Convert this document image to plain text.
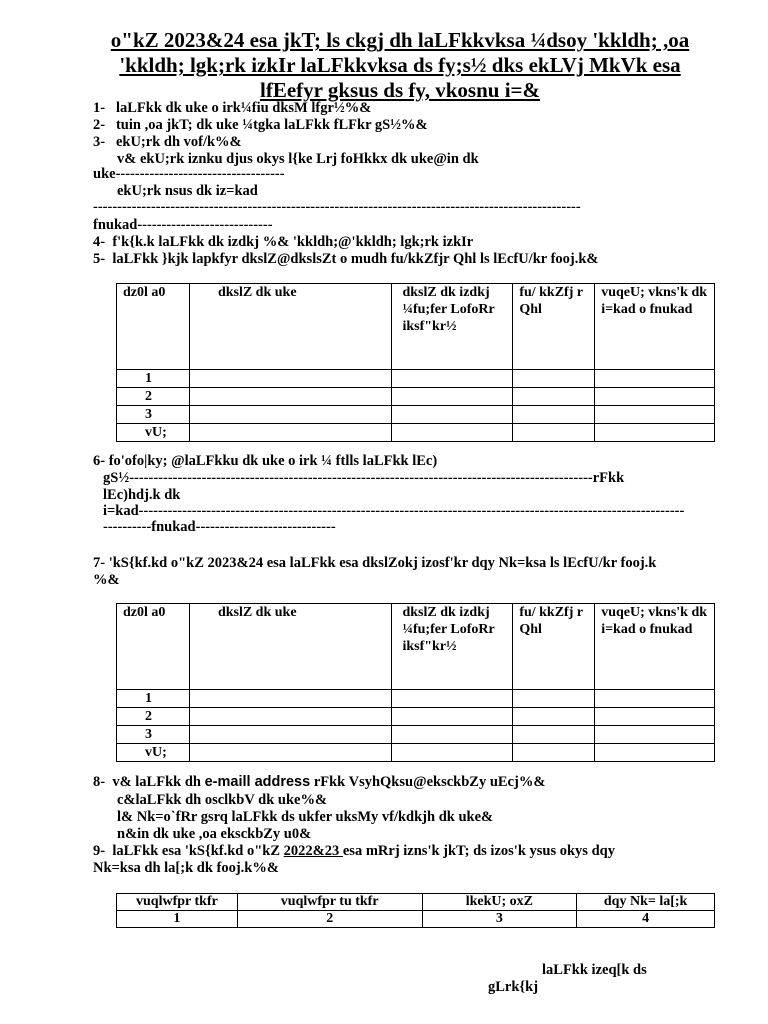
o"kZ 2023&24 esa jkT; ls ckgj dh laLFkkvksa ¼dsoy 'kkldh; ,oa
'kkldh; lgk;rk izkIr laLFkkvksa ds fy;s½ dks ekLVj MkVk esa
lfEefyr gksus ds fy, vkosnu i=&
1-   laLFkk dk uke o irk¼fiu dksM lfgr½%&
2-   tuin ,oa jkT; dk uke ¼tgka laLFkk fLFkr gS½%&
3-   ekU;rk dh vof/k%&
v& ekU;rk iznku djus okys l{ke Lrj foHkkx dk uke@in dk
uke-----------------------------------
ekU;rk nsus dk iz=kad
-----------------------------------------------------------------------------------------------------
fnukad----------------------------
4-  f'k{k.k laLFkk dk izdkj %& 'kkldh;@'kkldh; lgk;rk izkIr
5-  laLFkk }kjk lapkfyr dkslZ@dkslsZt o mudh fu/kkZfjr Qhl ls lEcfU/kr fooj.k&
dz0l a0	dkslZ dk uke	dkslZ dk izdkj ¼fu;fer LofoRr iksf"kr½	fu/ kkZfj r Qhl	vuqeU; vkns'k dk i=kad o fnukad
1				
2				
3				
vU;				
6- fo'ofo|ky; @laLFkku dk uke o irk ¼ ftlls laLFkk lEc)
gS½------------------------------------------------------------------------------------------------rFkk
lEc)hdj.k dk
i=kad-----------------------------------------------------------------------------------------------------------------
----------fnukad-----------------------------
7- 'kS{kf.kd o"kZ 2023&24 esa laLFkk esa dkslZokj izosf'kr dqy Nk=ksa ls lEcfU/kr fooj.k
%&
dz0l a0	dkslZ dk uke	dkslZ dk izdkj ¼fu;fer LofoRr iksf"kr½	fu/ kkZfj r Qhl	vuqeU; vkns'k dk i=kad o fnukad
1				
2				
3				
vU;				
8-  v& laLFkk dh e-maill address rFkk VsyhQksu@eksckbZy uEcj%&
c&laLFkk dh osclkbV dk uke%&
l& Nk=o`fRr gsrq laLFkk ds ukfer uksMy vf/kdkjh dk uke&
n&in dk uke ,oa eksckbZy u0&
9-  laLFkk esa 'kS{kf.kd o"kZ 2022&23 esa mRrj izns'k jkT; ds izos'k ysus okys dqy
Nk=ksa dh la[;k dk fooj.k%&
vuqlwfpr tkfr	vuqlwfpr tu tkfr	lkekU; oxZ	dqy Nk= la[;k
1	2	3	4
laLFkk izeq[k ds
gLrk{kj
